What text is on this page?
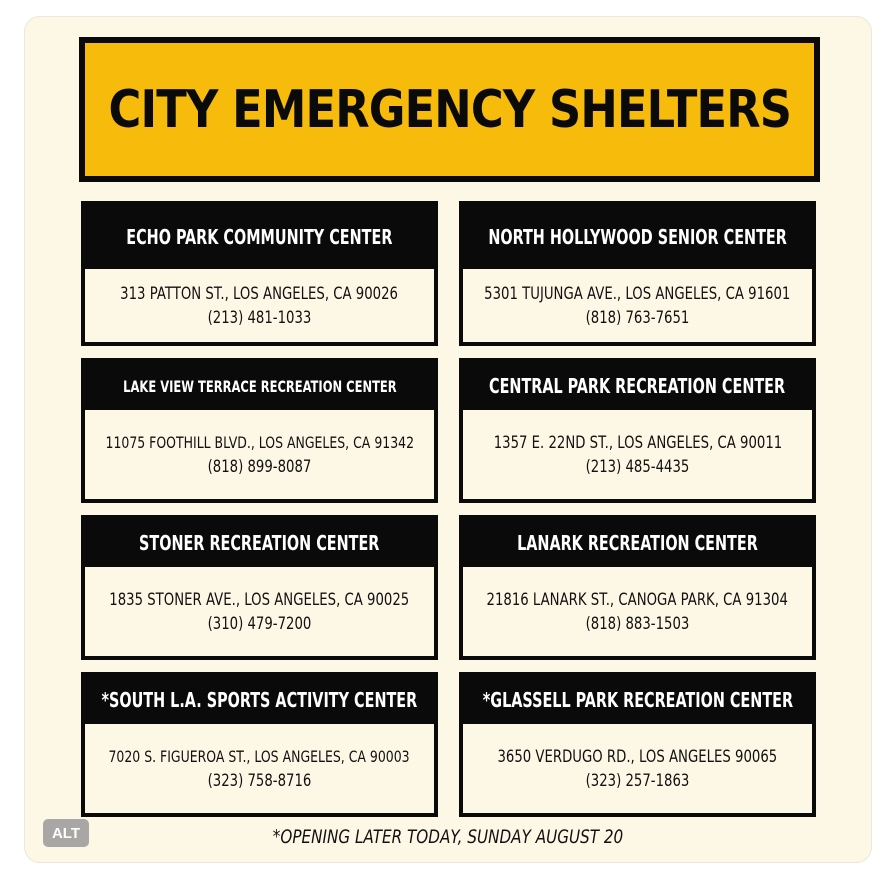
CITY EMERGENCY SHELTERS
ECHO PARK COMMUNITY CENTER
313 PATTON ST., LOS ANGELES, CA 90026
(213) 481-1033
NORTH HOLLYWOOD SENIOR CENTER
5301 TUJUNGA AVE., LOS ANGELES, CA 91601
(818) 763-7651
LAKE VIEW TERRACE RECREATION CENTER
11075 FOOTHILL BLVD., LOS ANGELES, CA 91342
(818) 899-8087
CENTRAL PARK RECREATION CENTER
1357 E. 22ND ST., LOS ANGELES, CA 90011
(213) 485-4435
STONER RECREATION CENTER
1835 STONER AVE., LOS ANGELES, CA 90025
(310) 479-7200
LANARK RECREATION CENTER
21816 LANARK ST., CANOGA PARK, CA 91304
(818) 883-1503
*SOUTH L.A. SPORTS ACTIVITY CENTER
7020 S. FIGUEROA ST., LOS ANGELES, CA 90003
(323) 758-8716
*GLASSELL PARK RECREATION CENTER
3650 VERDUGO RD., LOS ANGELES 90065
(323) 257-1863
*OPENING LATER TODAY, SUNDAY AUGUST 20
ALT
